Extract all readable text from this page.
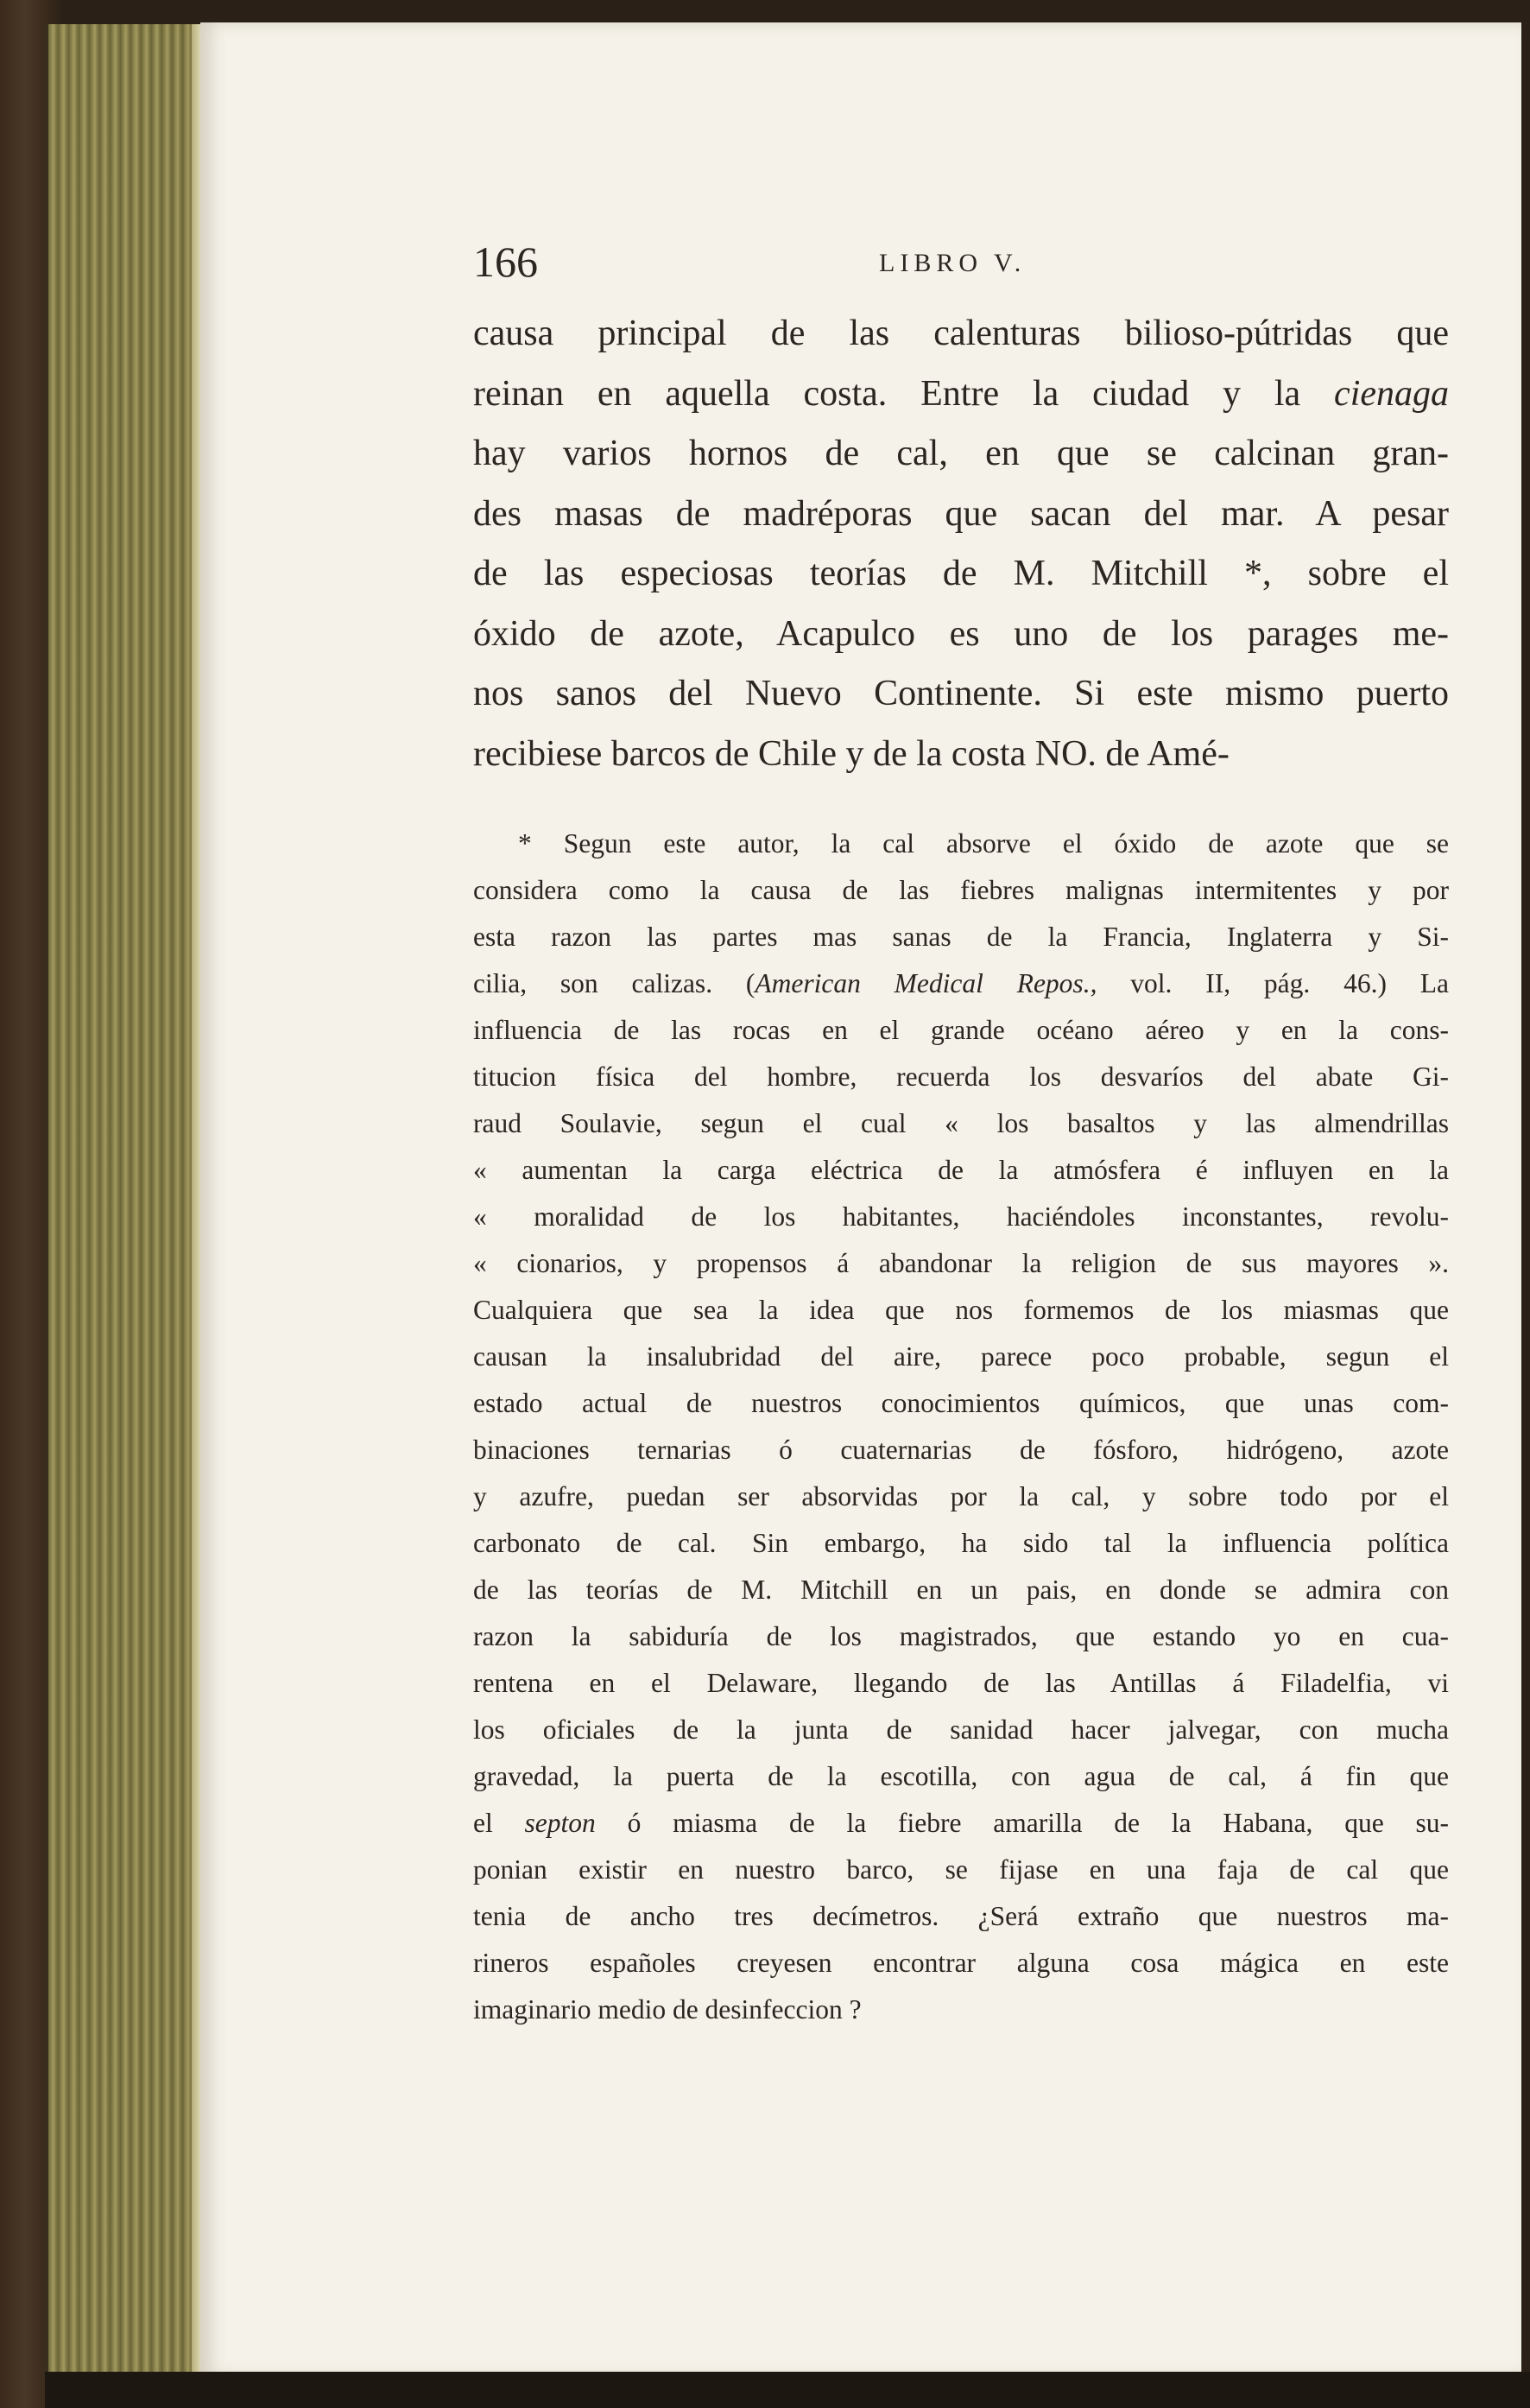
166	LIBRO V.
causa principal de las calenturas bilioso-pútridas que
reinan en aquella costa. Entre la ciudad y la cienaga
hay varios hornos de cal, en que se calcinan gran-
des masas de madréporas que sacan del mar. A pesar
de las especiosas teorías de M. Mitchill *, sobre el
óxido de azote, Acapulco es uno de los parages me-
nos sanos del Nuevo Continente. Si este mismo puerto
recibiese barcos de Chile y de la costa NO. de Amé-
* Segun este autor, la cal absorve el óxido de azote que se
considera como la causa de las fiebres malignas intermitentes y por
esta razon las partes mas sanas de la Francia, Inglaterra y Si-
cilia, son calizas. (American Medical Repos., vol. II, pág. 46.) La
influencia de las rocas en el grande océano aéreo y en la cons-
titucion física del hombre, recuerda los desvaríos del abate Gi-
raud Soulavie, segun el cual « los basaltos y las almendrillas
« aumentan la carga eléctrica de la atmósfera é influyen en la
« moralidad de los habitantes, haciéndoles inconstantes, revolu-
« cionarios, y propensos á abandonar la religion de sus mayores ».
Cualquiera que sea la idea que nos formemos de los miasmas que
causan la insalubridad del aire, parece poco probable, segun el
estado actual de nuestros conocimientos químicos, que unas com-
binaciones ternarias ó cuaternarias de fósforo, hidrógeno, azote
y azufre, puedan ser absorvidas por la cal, y sobre todo por el
carbonato de cal. Sin embargo, ha sido tal la influencia política
de las teorías de M. Mitchill en un pais, en donde se admira con
razon la sabiduría de los magistrados, que estando yo en cua-
rentena en el Delaware, llegando de las Antillas á Filadelfia, vi
los oficiales de la junta de sanidad hacer jalvegar, con mucha
gravedad, la puerta de la escotilla, con agua de cal, á fin que
el septon ó miasma de la fiebre amarilla de la Habana, que su-
ponian existir en nuestro barco, se fijase en una faja de cal que
tenia de ancho tres decímetros. ¿Será extraño que nuestros ma-
rineros españoles creyesen encontrar alguna cosa mágica en este
imaginario medio de desinfeccion ?
